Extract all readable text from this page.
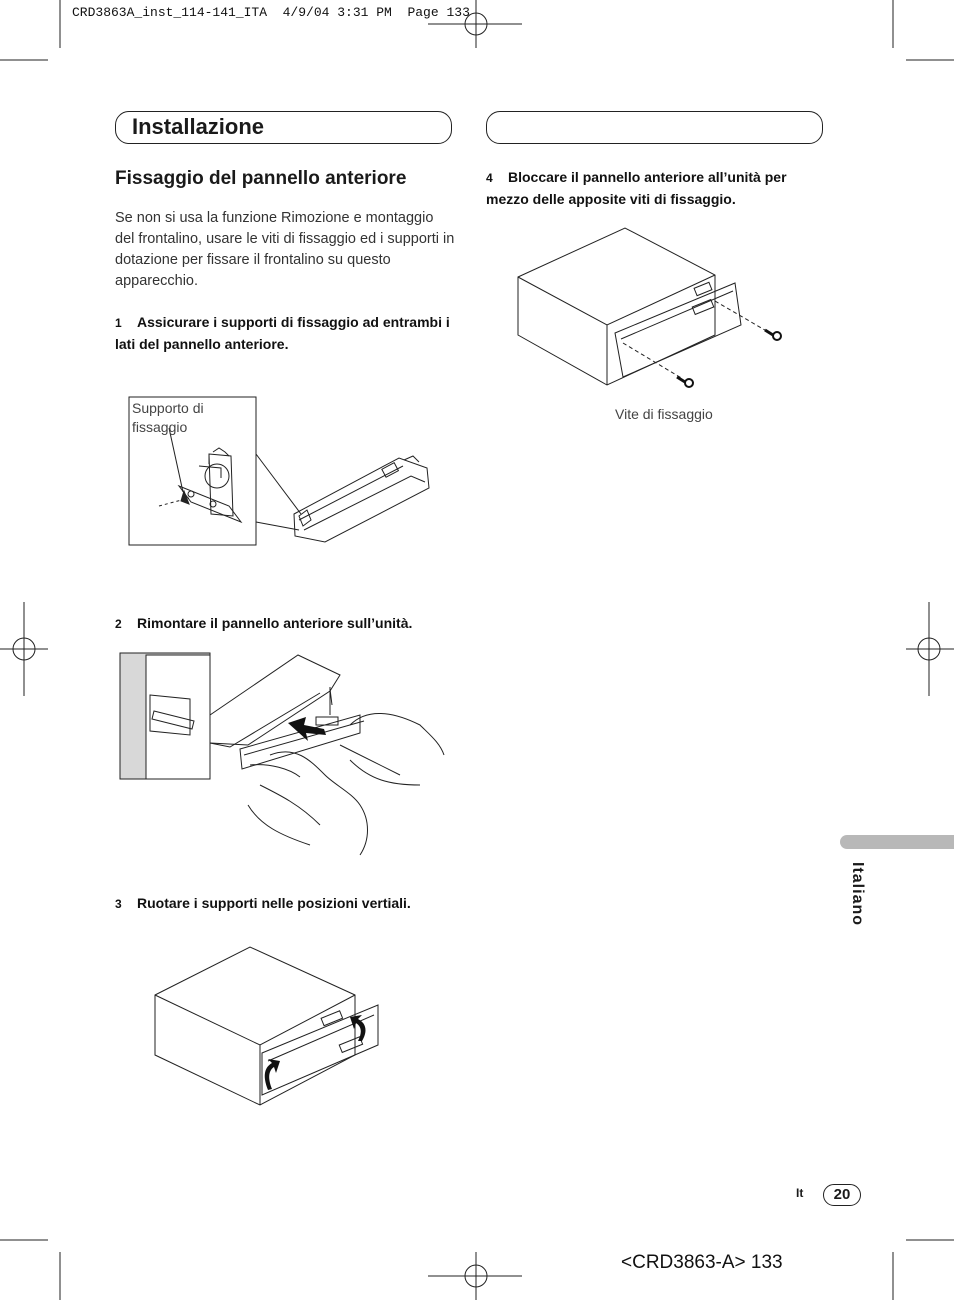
CRD3863A_inst_114-141_ITA  4/9/04 3:31 PM  Page 133
Installazione
Fissaggio del pannello anteriore
Se non si usa la funzione Rimozione e montaggio del frontalino, usare le viti di fissaggio ed i supporti in dotazione per fissare il frontalino su questo apparecchio.
1 Assicurare i supporti di fissaggio ad entrambi i lati del pannello anteriore.
Supporto di
fissaggio
2 Rimontare il pannello anteriore sull’unità.
3 Ruotare i supporti nelle posizioni vertiali.
4 Bloccare il pannello anteriore all’unità per mezzo delle apposite viti di fissaggio.
Vite di fissaggio
Italiano
It	20
<CRD3863-A> 133
